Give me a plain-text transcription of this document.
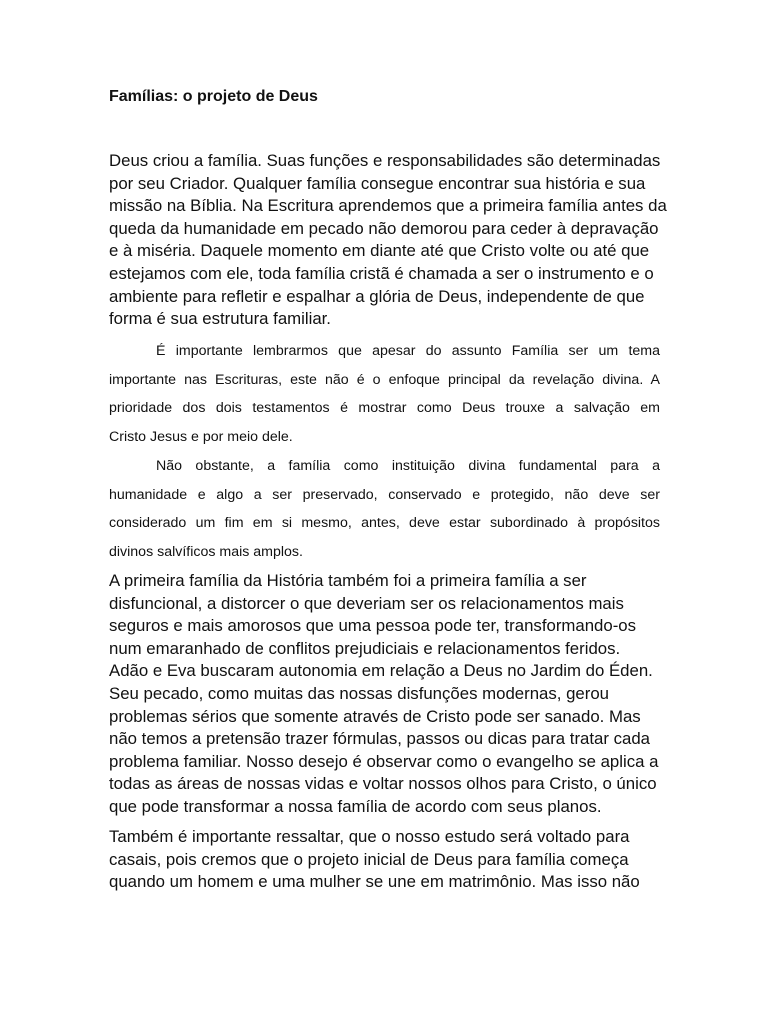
Famílias: o projeto de Deus

Deus criou a família. Suas funções e responsabilidades são determinadas
por seu Criador. Qualquer família consegue encontrar sua história e sua
missão na Bíblia. Na Escritura aprendemos que a primeira família antes da
queda da humanidade em pecado não demorou para ceder à depravação
e à miséria. Daquele momento em diante até que Cristo volte ou até que
estejamos com ele, toda família cristã é chamada a ser o instrumento e o
ambiente para refletir e espalhar a glória de Deus, independente de que
forma é sua estrutura familiar.

É importante lembrarmos que apesar do assunto Família ser um tema
importante nas Escrituras, este não é o enfoque principal da revelação divina. A
prioridade dos dois testamentos é mostrar como Deus trouxe a salvação em
Cristo Jesus e por meio dele.

Não obstante, a família como instituição divina fundamental para a
humanidade e algo a ser preservado, conservado e protegido, não deve ser
considerado um fim em si mesmo, antes, deve estar subordinado à propósitos
divinos salvíficos mais amplos.

A primeira família da História também foi a primeira família a ser
disfuncional, a distorcer o que deveriam ser os relacionamentos mais
seguros e mais amorosos que uma pessoa pode ter, transformando-os
num emaranhado de conflitos prejudiciais e relacionamentos feridos.
Adão e Eva buscaram autonomia em relação a Deus no Jardim do Éden.
Seu pecado, como muitas das nossas disfunções modernas, gerou
problemas sérios que somente através de Cristo pode ser sanado. Mas
não temos a pretensão trazer fórmulas, passos ou dicas para tratar cada
problema familiar. Nosso desejo é observar como o evangelho se aplica a
todas as áreas de nossas vidas e voltar nossos olhos para Cristo, o único
que pode transformar a nossa família de acordo com seus planos.

Também é importante ressaltar, que o nosso estudo será voltado para
casais, pois cremos que o projeto inicial de Deus para família começa
quando um homem e uma mulher se une em matrimônio. Mas isso não
